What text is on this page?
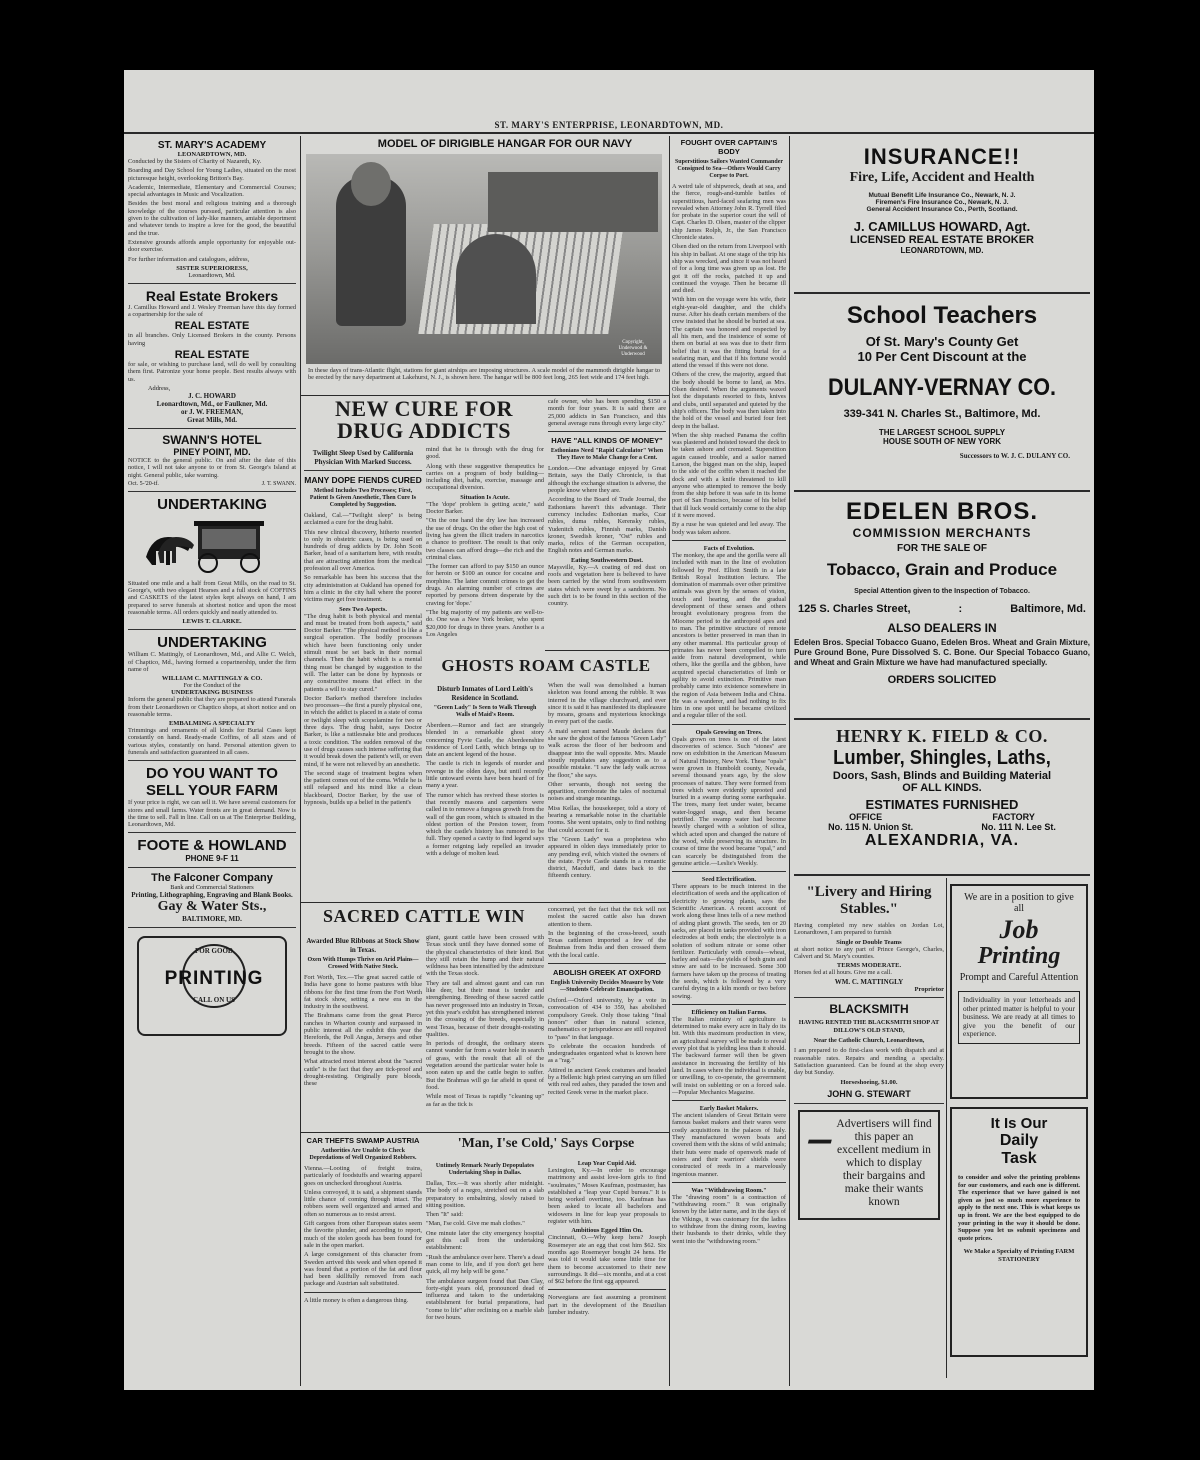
ST. MARY'S ENTERPRISE, LEONARDTOWN, MD.
ST. MARY'S ACADEMY
LEONARDTOWN, MD.

Conducted by the Sisters of Charity of Nazareth, Ky.

Boarding and Day School for Young Ladies, situated on the most picturesque height, overlooking Britton's Bay.

Academic, Intermediate, Elementary and Commercial Courses; special advantages in Music and Vocalization.

Besides the best moral and religious training and a thorough knowledge of the courses pursued, particular attention is also given to the cultivation of lady-like manners, amiable deportment and whatever tends to inspire a love for the good, the beautiful and the true.

Extensive grounds affords ample opportunity for enjoyable out-door exercise.

For further information and catalogues, address,

SISTER SUPERIORESS,
Leonardtown, Md.
Real Estate Brokers

J. Camillus Howard and J. Wesley Freeman have this day formed a copartnership for the sale of

REAL ESTATE

in all branches. Only Licensed Brokers in the county. Persons having

REAL ESTATE

for sale, or wishing to purchase land, will do well by consulting them first. Patronize your home people. Best results always with us.

Address,
J. C. HOWARD
Leonardtown, Md., or Faulkner, Md.
or J. W. FREEMAN,
Great Mills, Md.
SWANN'S HOTEL
PINEY POINT, MD.

NOTICE to the general public. On and after the date of this notice, I will not take anyone to or from St. George's Island at night. General public, take warning.

Oct. 5-'20-tf.	J. T. SWANN.
UNDERTAKING

Situated one mile and a half from Great Mills, on the road to St. George's, with two elegant Hearses and a full stock of COFFINS and CASKETS of the latest styles kept always on hand, I am prepared to serve funerals at shortest notice and upon the most reasonable terms. All orders quickly and neatly attended to.

LEWIS T. CLARKE.
UNDERTAKING

William C. Mattingly, of Leonardtown, Md., and Allie C. Welch, of Chaptico, Md., having formed a copartnership, under the firm name of

WILLIAM C. MATTINGLY & CO.
For the Conduct of the
UNDERTAKING BUSINESS

Inform the general public that they are prepared to attend Funerals from their Leonardtown or Chaptico shops, at short notice and on reasonable terms.

EMBALMING A SPECIALTY

Trimmings and ornaments of all kinds for Burial Cases kept constantly on hand. Ready-made Coffins, of all sizes and of various styles, constantly on hand. Personal attention given to funerals and satisfaction guaranteed in all cases.

DO YOU WANT TO
SELL YOUR FARM

If your price is right, we can sell it. We have several customers for stores and small farms. Water fronts are in great demand. Now is the time to sell. Fall in line. Call on us at The Enterprise Building, Leonardtown, Md.

FOOTE & HOWLAND
PHONE 9-F 11
The Falconer Company
Bank and Commercial Stationers
Printing, Lithographing, Engraving and Blank Books.
Gay & Water Sts.,
BALTIMORE, MD.
FOR GOOD
PRINTING
CALL ON US
MODEL OF DIRIGIBLE HANGAR FOR OUR NAVY
Copyright, Underwood & Underwood

In these days of trans-Atlantic flight, stations for giant airships are imposing structures. A scale model of the mammoth dirigible hangar to be erected by the navy department at Lakehurst, N. J., is shown here. The hangar will be 800 feet long, 265 feet wide and 174 feet high.

NEW CURE FOR DRUG ADDICTS
Twilight Sleep Used by California Physician With Marked Success.
MANY DOPE FIENDS CURED
Method Includes Two Processes; First, Patient Is Given Anesthetic, Then Cure Is Completed by Suggestion.

Oakland, Cal.—"Twilight sleep" is being acclaimed a cure for the drug habit.

This new clinical discovery, hitherto resorted to only in obstetric cases, is being used on hundreds of drug addicts by Dr. John Scott Barker, head of a sanitarium here, with results that are attracting attention from the medical profession all over America.

So remarkable has been his success that the city administration at Oakland has opened for him a clinic in the city hall where the poorer victims may get free treatment.

Sees Two Aspects.

"The drug habit is both physical and mental and must be treated from both aspects," said Doctor Barker. "The physical method is like a surgical operation. The bodily processes which have been functioning only under stimuli must be set back in their normal channels. Then the habit which is a mental thing must be changed by suggestion to the will. The latter can be done by hypnosis or any constructive means that effect in the patients a will to stay cured."

Doctor Barker's method therefore includes two processes—the first a purely physical one, in which the addict is placed in a state of coma or twilight sleep with scopolamine for two or three days. The drug habit, says Doctor Barker, is like a rattlesnake bite and produces a toxic condition. The sudden removal of the use of drugs causes such intense suffering that it would break down the patient's will, or even mind, if he were not relieved by an anesthetic.

The second stage of treatment begins when the patient comes out of the coma. While he is still relapsed and his mind like a clean blackboard, Doctor Barker, by the use of hypnosis, builds up a belief in the patient's

mind that he is through with the drug for good.

Along with these suggestive therapeutics he carries on a program of body building—including diet, baths, exercise, massage and occupational diversion.

Situation Is Acute.

"The 'dope' problem is getting acute," said Doctor Barker.

"On the one hand the dry law has increased the use of drugs. On the other the high cost of living has given the illicit traders in narcotics a chance to profiteer. The result is that only two classes can afford drugs—the rich and the criminal class.

"The former can afford to pay $150 an ounce for heroin or $100 an ounce for cocaine and morphine. The latter commit crimes to get the drugs. An alarming number of crimes are reported by persons driven desperate by the craving for 'dope.'

"The big majority of my patients are well-to-do. One was a New York broker, who spent $20,000 for drugs in three years. Another is a Los Angeles

cafe owner, who has been spending $150 a month for four years. It is said there are 25,000 addicts in San Francisco, and this general average runs through every large city."

HAVE "ALL KINDS OF MONEY"
Esthonians Need "Rapid Calculator" When They Have to Make Change for a Cent.

London.—One advantage enjoyed by Great Britain, says the Daily Chronicle, is that although the exchange situation is adverse, the people know where they are.

According to the Board of Trade Journal, the Esthonians haven't this advantage. Their currency includes: Esthonian marks, Czar rubles, duma rubles, Kerensky rubles, Yudenitch rubles, Finnish marks, Danish kroner, Swedish kroner, "Ost" rubles and marks, relics of the German occupation, English notes and German marks.

Eating Southwestern Dust.

Maysville, Ky.—A coating of red dust on roofs and vegetation here is believed to have been carried by the wind from southwestern states which were swept by a sandstorm. No such dirt is to be found in this section of the country.

GHOSTS ROAM CASTLE
Disturb Inmates of Lord Leith's Residence in Scotland.
"Green Lady" Is Seen to Walk Through Walls of Maid's Room.

Aberdeen.—Rumor and fact are strangely blended in a remarkable ghost story concerning Fyvie Castle, the Aberdeenshire residence of Lord Leith, which brings up to date an ancient legend of the house.

The castle is rich in legends of murder and revenge in the olden days, but until recently little untoward events have been heard of for many a year.

The rumor which has revived these stories is that recently masons and carpenters were called in to remove a fungous growth from the wall of the gun room, which is situated in the oldest portion of the Preston tower, from which the castle's history has rumored to be full. They opened a cavity to find legend says a former reigning lady repelled an invader with a deluge of molten lead.

When the wall was demolished a human skeleton was found among the rubble. It was interred in the village churchyard, and ever since it is said it has manifested its displeasure by moans, groans and mysterious knockings in every part of the castle.

A maid servant named Maude declares that she saw the ghost of the famous "Green Lady" walk across the floor of her bedroom and disappear into the wall opposite. Mrs. Maude stoutly repudiates any suggestion as to a possible mistake. "I saw the lady walk across the floor," she says.

Other servants, though not seeing the apparition, corroborate the tales of nocturnal noises and strange moanings.

Miss Kellas, the housekeeper, told a story of hearing a remarkable noise in the charitable rooms. She went upstairs, only to find nothing that could account for it.

The "Green Lady" was a prophetess who appeared in olden days immediately prior to any pending evil, which visited the owners of the estate. Fyvie Castle stands in a romantic district, Macduff, and dates back to the fifteenth century.

SACRED CATTLE WIN
Awarded Blue Ribbons at Stock Show in Texas.
Oxen With Humps Thrive on Arid Plains—Crossed With Native Stock.

Fort Worth, Tex.—The great sacred cattle of India have gone to home pastures with blue ribbons for the first time from the Fort Worth fat stock show, setting a new era in the industry in the southwest.

The Brahmans came from the great Pierce ranches in Wharton county and surpassed in public interest all the exhibit this year the Herefords, the Poll Angus, Jerseys and other breeds. Fifteen of the sacred cattle were brought to the show.

What attracted most interest about the "sacred cattle" is the fact that they are tick-proof and drought-resisting. Originally pure bloods, these

giant, gaunt cattle have been crossed with Texas stock until they have donned some of the physical characteristics of their kind. But they still retain the hump and their natural wildness has been intensified by the admixture with the Texas stock.

They are tall and almost gaunt and can run like deer, but their meat is tender and strengthening. Breeding of these sacred cattle has never progressed into an industry in Texas, yet this year's exhibit has strengthened interest in the crossing of the breeds, especially in west Texas, because of their drought-resisting qualities.

In periods of drought, the ordinary steers cannot wander far from a water hole in search of grass, with the result that all of the vegetation around the particular water hole is soon eaten up and the cattle begin to suffer. But the Brahmas will go far afield in quest of food.

While most of Texas is rapidly "cleaning up" as far as the tick is

concerned, yet the fact that the tick will not molest the sacred cattle also has drawn attention to them.

In the beginning of the cross-breed, south Texas cattlemen imported a few of the Brahmas from India and then crossed them with the local cattle.

ABOLISH GREEK AT OXFORD
English University Decides Measure by Vote—Students Celebrate Emancipation.

Oxford.—Oxford university, by a vote in convocation of 434 to 359, has abolished compulsory Greek. Only those taking "final honors" other than in natural science, mathematics or jurisprudence are still required to "pass" in that language.

To celebrate the occasion hundreds of undergraduates organized what is known here as a "rag."

Attired in ancient Greek costumes and headed by a Hellenic high priest carrying an urn filled with real red ashes, they paraded the town and recited Greek verse in the market place.

CAR THEFTS SWAMP AUSTRIA
Authorities Are Unable to Check Depredations of Well Organized Robbers.

Vienna.—Looting of freight trains, particularly of foodstuffs and wearing apparel goes on unchecked throughout Austria.

Unless convoyed, it is said, a shipment stands little chance of coming through intact. The robbers seem well organized and armed and often so numerous as to resist arrest.

Gift cargoes from other European states seem the favorite plunder, and according to report, much of the stolen goods has been found for sale in the open market.

A large consignment of this character from Sweden arrived this week and when opened it was found that a portion of the fat and flour had been skillfully removed from each package and Austrian salt substituted.

A little money is often a dangerous thing.

'Man, I'se Cold,' Says Corpse
Untimely Remark Nearly Depopulates Undertaking Shop in Dallas.

Dallas, Tex.—It was shortly after midnight. The body of a negro, stretched out on a slab preparatory to embalming, slowly raised to sitting position.

Then "It" said:

"Man, I'se cold. Give me mah clothes."

One minute later the city emergency hospital got this call from the undertaking establishment:

"Rush the ambulance over here. There's a dead man come to life, and if you don't get here quick, all my help will be gone."

The ambulance surgeon found that Dan Clay, forty-eight years old, pronounced dead of influenza and taken to the undertaking establishment for burial preparations, had "come to life" after reclining on a marble slab for two hours.

Leap Year Cupid Aid.

Lexington, Ky.—In order to encourage matrimony and assist love-lorn girls to find "soulmates," Moses Kaufman, postmaster, has established a "leap year Cupid bureau." It is being worked overtime, too. Kaufman has been asked to locate all bachelors and widowers in line for leap year proposals to register with him.

Ambitious Egged Him On.

Cincinnati, O.—Why keep hens? Joseph Rosemeyer ate an egg that cost him $62. Six months ago Rosemeyer bought 24 hens. He was told it would take some little time for them to become accustomed to their new surroundings. It did—six months, and at a cost of $62 before the first egg appeared.

Norwegians are fast assuming a prominent part in the development of the Brazilian lumber industry.

FOUGHT OVER CAPTAIN'S BODY
Superstitious Sailors Wanted Commander Consigned to Sea—Others Would Carry Corpse to Port.

A weird tale of shipwreck, death at sea, and the fierce, rough-and-tumble battles of superstitious, hard-faced seafaring men was revealed when Attorney John R. Tyrrell filed for probate in the superior court the will of Capt. Charles D. Olsen, master of the clipper ship James Rolph, Jr., the San Francisco Chronicle states.

Olsen died on the return from Liverpool with his ship in ballast. At one stage of the trip his ship was wrecked, and since it was not heard of for a long time was given up as lost. He got it off the rocks, patched it up and continued the voyage. Then he became ill and died.

With him on the voyage were his wife, their eight-year-old daughter, and the child's nurse. After his death certain members of the crew insisted that he should be buried at sea. The captain was honored and respected by all his men, and the insistence of some of them on burial at sea was due to their firm belief that it was the fitting burial for a seafaring man, and that if his fortune would attend the vessel if this were not done.

Others of the crew, the majority, argued that the body should be borne to land, as Mrs. Olsen desired. When the arguments waxed hot the disputants resorted to fists, knives and clubs, until separated and quieted by the ship's officers. The body was then taken into the hold of the vessel and buried four feet deep in the ballast.

When the ship reached Panama the coffin was plastered and hoisted toward the deck to be taken ashore and cremated. Superstition again caused trouble, and a sailor named Larson, the biggest man on the ship, leaped to the side of the coffin when it reached the dock and with a knife threatened to kill anyone who attempted to remove the body from the ship before it was safe in its home port of San Francisco, because of his belief that ill luck would certainly come to the ship if it were moved.

By a ruse he was quieted and led away. The body was taken ashore.

Facts of Evolution.

The monkey, the ape and the gorilla were all included with man in the line of evolution followed by Prof. Elliott Smith in a late British Royal Institution lecture. The domination of mammals over other primitive animals was given by the senses of vision, touch and hearing, and the gradual development of these senses and others brought evolutionary progress from the Miocene period to the anthropoid apes and to man. The primitive structure of remote ancestors is better preserved in man than in any other mammal. His particular group of primates has never been compelled to turn aside from natural development, while others, like the gorilla and the gibbon, have acquired special characteristics of limb or agility to avoid extinction. Primitive man probably came into existence somewhere in the region of Asia between India and China. He was a wanderer, and had nothing to fix him in one spot until he became civilized and a regular tiller of the soil.

Opals Growing on Trees.

Opals grown on trees is one of the latest discoveries of science. Such "stones" are now on exhibition in the American Museum of Natural History, New York. These "opals" were grown in Humboldt county, Nevada, several thousand years ago, by the slow processes of nature. They were formed from trees which were evidently uprooted and buried in a swamp during some earthquake. The trees, many feet under water, became water-logged snags, and then became petrified. The swamp water had become heavily charged with a solution of silica, which acted upon and changed the nature of the wood, while preserving its structure. In course of time the wood became "opal," and can scarcely be distinguished from the genuine article.—Leslie's Weekly.

Seed Electrification.

There appears to be much interest in the electrification of seeds and the application of electricity to growing plants, says the Scientific American. A recent account of work along these lines tells of a new method of aiding plant growth. The seeds, ten or 20 sacks, are placed in tanks provided with iron electrodes at both ends; the electrolyte is a solution of sodium nitrate or some other fertilizer. Particularly with cereals—wheat, barley and oats—the yields of both grain and straw are said to be increased. Some 300 farmers have taken up the process of treating the seeds, which is followed by a very careful drying in a kiln month or two before sowing.

Efficiency on Italian Farms.

The Italian ministry of agriculture is determined to make every acre in Italy do its bit. With this maximum production in view, an agricultural survey will be made to reveal every plot that is yielding less than it should. The backward farmer will then be given assistance in increasing the fertility of his land. In cases where the individual is unable, or unwilling, to co-operate, the government will insist on subletting or on a forced sale.—Popular Mechanics Magazine.

Early Basket Makers.

The ancient islanders of Great Britain were famous basket makers and their wares were costly acquisitions in the palaces of Italy. They manufactured woven boats and covered them with the skins of wild animals; their huts were made of openwork made of osiers and their warriors' shields were constructed of reeds in a marvelously ingenious manner.

Was "Withdrawing Room."

The "drawing room" is a contraction of "withdrawing room." It was originally known by the latter name, and in the days of the Vikings, it was customary for the ladies to withdraw from the dining room, leaving their husbands to their drinks, while they went into the "withdrawing room."

INSURANCE!!
Fire, Life, Accident and Health
Mutual Benefit Life Insurance Co., Newark, N. J.
Firemen's Fire Insurance Co., Newark, N. J.
General Accident Insurance Co., Perth, Scotland.
J. CAMILLUS HOWARD, Agt.
LICENSED REAL ESTATE BROKER
LEONARDTOWN, MD.
School Teachers
Of St. Mary's County Get
10 Per Cent Discount at the
DULANY-VERNAY CO.
339-341 N. Charles St., Baltimore, Md.
THE LARGEST SCHOOL SUPPLY
HOUSE SOUTH OF NEW YORK
Successors to W. J. C. DULANY CO.
EDELEN BROS.
COMMISSION MERCHANTS
FOR THE SALE OF
Tobacco, Grain and Produce
Special Attention given to the Inspection of Tobacco.
125 S. Charles Street,	:	Baltimore, Md.
ALSO DEALERS IN
Edelen Bros. Special Tobacco Guano, Edelen Bros. Wheat and Grain Mixture, Pure Ground Bone, Pure Dissolved S. C. Bone. Our Special Tobacco Guano, and Wheat and Grain Mixture we have had manufactured specially.
ORDERS SOLICITED
HENRY K. FIELD & CO.
Lumber, Shingles, Laths,
Doors, Sash, Blinds and Building Material
OF ALL KINDS.
ESTIMATES FURNISHED
OFFICE	FACTORY
No. 115 N. Union St.	No. 111 N. Lee St.
ALEXANDRIA, VA.
"Livery and Hiring Stables."

Having completed my new stables on Jordan Lot, Leonardtown, I am prepared to furnish

Single or Double Teams

at short notice to any part of Prince George's, Charles, Calvert and St. Mary's counties.

TERMS MODERATE.

Horses fed at all hours. Give me a call.

WM. C. MATTINGLY
Proprietor
BLACKSMITH
HAVING RENTED THE BLACKSMITH SHOP AT DILLOW'S OLD STAND,
Near the Catholic Church, Leonardtown,

I am prepared to do first-class work with dispatch and at reasonable rates. Repairs and mending a specialty. Satisfaction guaranteed. Can be found at the shop every day but Sunday.

Horseshoeing, $1.00.
JOHN G. STEWART
Advertisers will find this paper an excellent medium in which to display their bargains and make their wants known
⚊
We are in a position to give all
Job
Printing
Prompt and Careful Attention
Individuality in your letterheads and other printed matter is helpful to your business. We are ready at all times to give you the benefit of our experience.
It Is Our
Daily
Task
to consider and solve the printing problems for our customers, and each one is different. The experience that we have gained is not given as just so much more experience to apply to the next one. This is what keeps us up in front. We are the best equipped to do your printing in the way it should be done. Suppose you let us submit specimens and quote prices.
We Make a Specialty of Printing FARM STATIONERY
